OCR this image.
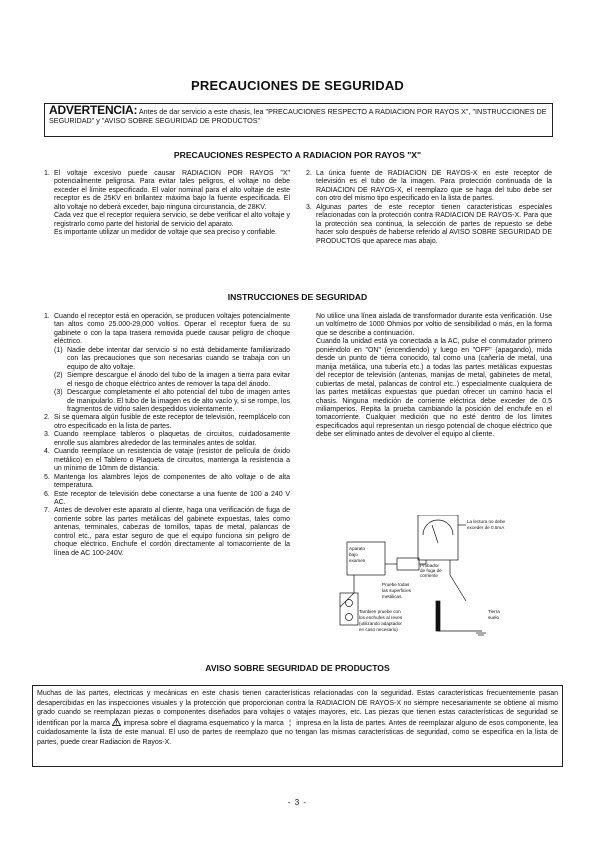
PRECAUCIONES DE SEGURIDAD
ADVERTENCIA: Antes de dar servicio a este chasis, lea "PRECAUCIONES RESPECTO A RADIACION POR RAYOS X", "INSTRUCCIONES DE SEGURIDAD" y "AVISO SOBRE SEGURIDAD DE PRODUCTOS"
PRECAUCIONES RESPECTO A RADIACION POR RAYOS "X"
1. El voltaje excesivo puede causar RADIACION POR RAYOS "X" potencialmente peligrosa. Para evitar tales peligros, el voltaje no debe exceder el límite especificado. El valor nominal para el alto voltaje de este receptor es de 25KV en brillantez máxima bajo la fuente especificada. El alto voltaje no deberá exceder, bajo ninguna circunstancia, de 28KV.

Cada vez que el receptor requiera servicio, se debe verificar el alto voltaje y registrarlo como parte del historial de servicio del aparato.

Es importante utilizar un medidor de voltaje que sea preciso y confiable.

2. La única fuente de RADIACION DE RAYOS-X en este receptor de televisión es el tubo de la imagen. Para protección continuada de la RADIACION DE RAYOS-X, el reemplazo que se haga del tubo debe ser con otro del mismo tipo especificado en la lista de partes.
3. Algunas partes de este receptor tienen características especiales relacionadas con la protección contra RADIACION DE RAYOS-X. Para que la protección sea continua, la selección de partes de repuesto se debe hacer solo después de haberse referido al AVISO SOBRE SEGURIDAD DE PRODUCTOS que aparece mas abajo.
INSTRUCCIONES DE SEGURIDAD
1. Cuando el receptor está en operación, se producen voltajes potencialmente tan altos como 25.000-29,000 voltios. Operar el receptor fuera de su gabinete o con la tapa trasera removida puede causar peligro de choque eléctrico.
(1) Nadie debe intentar dar servicio si no está debidamente familiarizado con las precauciones que son necesarias cuando se trabaja con un equipo de alto voltaje.
(2) Siempre descargue el ánodo del tubo de la imagen a tierra para evitar el riesgo de choque eléctrico antes de remover la tapa del ánodo.
(3) Descargue completamente el alto potencial del tubo de imagen antes de manipularlo. El tubo de la imagen es de alto vacío y, si se rompe, los fragmentos de vidrio salen despedidos violentamente.
2. Si se quemara algún fusible de este receptor de televisión, reemplácelo con otro especificado en la lista de partes.
3. Cuando reemplace tableros o plaquetas de circuitos, cuidadosamente enrolle sus alambres alrededor de las terminales antes de soldar.
4. Cuando reemplace un resistencia de vataje (resistor de película de óxido metálico) en el Tablero o Plaqueta de circuitos, mantenga la resistencia a un mínimo de 10mm de distancia.
5. Mantenga los alambres lejos de componentes de alto voltaje o de alta temperatura.
6. Este receptor de televisión debe conectarse a una fuente de 100 a 240 V AC.
7. Antes de devolver este aparato al cliente, haga una verificación de fuga de corriente sobre las partes metálicas del gabinete expuestas, tales como antenas, terminales, cabezas de tornillos, tapas de metal, palancas de control etc., para estar seguro de que el equipo funciona sin peligro de choque eléctrico. Enchufe el cordón directamente al tomacorriente de la línea de AC 100-240V.

No utilice una línea aislada de transformador durante esta verificación. Use un voltímetro de 1000 Ohmios por voltio de sensibilidad o más, en la forma que se describe a continuación.

Cuando la unidad está ya conectada a la AC, pulse el conmutador primero poniéndolo en "ON" (encendiendo) y luego en "OFF" (apagando), mida desde un punto de tierra conocido, tal como una (cañería de metal, una manija metálica, una tubería etc.) a todas las partes metálicas expuestas del receptor de televisión (antenas, manijas de metal, gabinetes de metal, cubiertas de metal, palancas de control etc..) especialmente cualquiera de las partes metálicas expuestas que puedan ofrecer un camino hacia el chasis. Ninguna medición de corriente eléctrica debe exceder de 0.5 miliamperios. Repita la prueba cambiando la posición del enchufe en el tomacorriente. Cualquier medición que no esté dentro de los límites especificados aquí representan un riesgo potencial de choque eléctrico que debe ser eliminado antes de devolver el equipo al cliente.

La lectura no debe
exceder de 0.5mA
Probador
de fuga de
corriente
Aparato
bajo
examen
Pruebe todas
las superficies
metálicas.
Tambien pruebe con
los enchufes al reves
(utilizando adaptador
en caso necesario)
Tierra
suelo
AVISO SOBRE SEGURIDAD DE PRODUCTOS
Muchas de las partes, electricas y mecánicas en este chasis tienen características relacionadas con la seguridad. Estas características frecuentemente pasan desapercibidas en las inspecciones visuales y la protección que proporcionan contra la RADIACION DE RAYOS-X no siempre necesariamente se obtiene al mismo grado cuando se reemplazan piezas o componentes diseñados para voltajes o vatajes mayores, etc. Las piezas que tienen estas características de seguridad se identifican por la marca impresa sobre el diagrama esquematico y la marca ¦ impresa en la lista de partes. Antes de reemplazar alguno de esos componente, lea cuidadosamente la lista de este manual. El uso de partes de reemplazo que no tengan las mismas características de seguridad, como se especifica en la lista de partes, puede crear Radiacion de Rayos-X.
- 3 -
